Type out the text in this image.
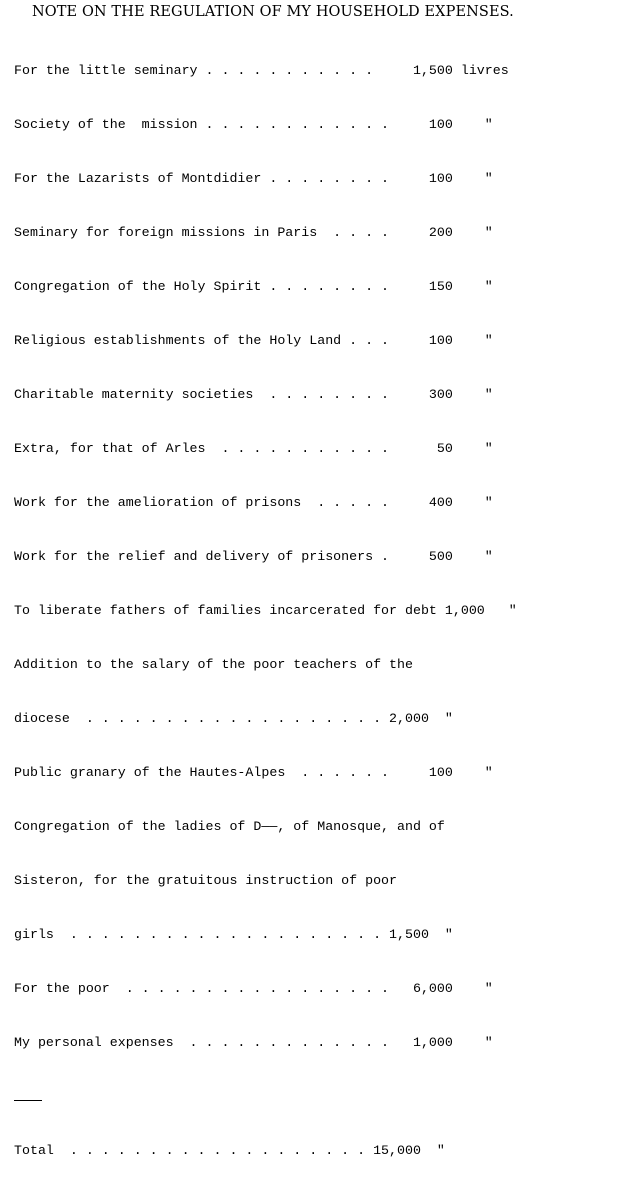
NOTE ON THE REGULATION OF MY HOUSEHOLD EXPENSES.

For the little seminary . . . . . . . . . . .     1,500 livres

Society of the  mission . . . . . . . . . . . .     100    ″

For the Lazarists of Montdidier . . . . . . . .     100    ″

Seminary for foreign missions in Paris  . . . .     200    ″

Congregation of the Holy Spirit . . . . . . . .     150    ″

Religious establishments of the Holy Land . . .     100    ″

Charitable maternity societies  . . . . . . . .     300    ″

Extra, for that of Arles  . . . . . . . . . . .      50    ″

Work for the amelioration of prisons  . . . . .     400    ″

Work for the relief and delivery of prisoners .     500    ″

To liberate fathers of families incarcerated for debt 1,000   ″

Addition to the salary of the poor teachers of the

diocese  . . . . . . . . . . . . . . . . . . . 2,000  ″

Public granary of the Hautes-Alpes  . . . . . .     100    ″

Congregation of the ladies of D——, of Manosque, and of

Sisteron, for the gratuitous instruction of poor

girls  . . . . . . . . . . . . . . . . . . . . 1,500  ″

For the poor  . . . . . . . . . . . . . . . . .   6,000    ″

My personal expenses  . . . . . . . . . . . . .   1,000    ″

Total  . . . . . . . . . . . . . . . . . . . 15,000  ″
